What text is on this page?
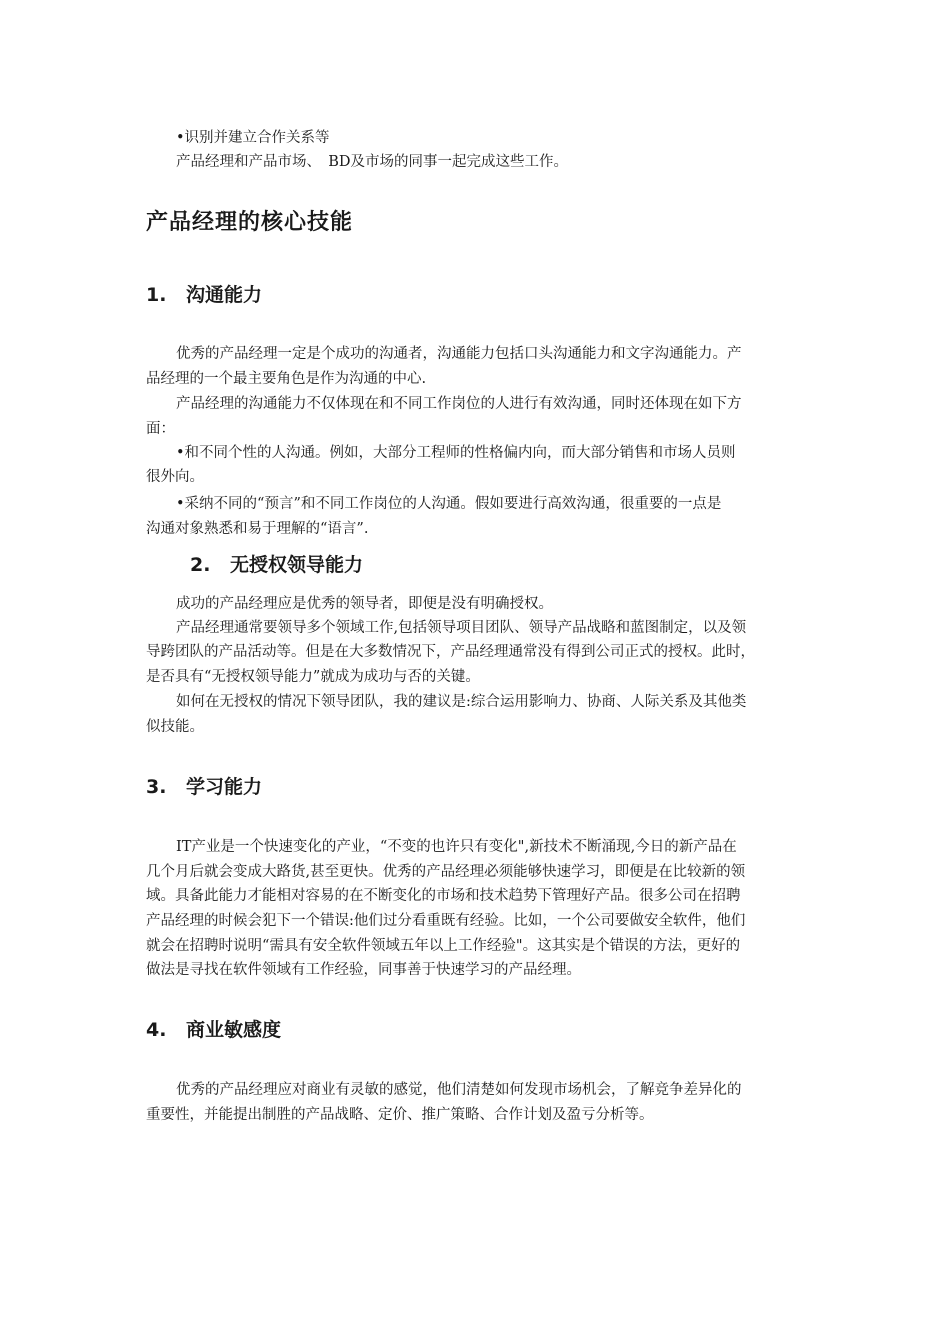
•识别并建立合作关系等
产品经理和产品市场、　BD及市场的同事一起完成这些工作。
产品经理的核心技能
1. 沟通能力
优秀的产品经理一定是个成功的沟通者，沟通能力包括口头沟通能力和文字沟通能力。产
品经理的一个最主要角色是作为沟通的中心.
产品经理的沟通能力不仅体现在和不同工作岗位的人进行有效沟通，同时还体现在如下方
面：
•和不同个性的人沟通。例如，大部分工程师的性格偏内向，而大部分销售和市场人员则
很外向。
•采纳不同的“预言”和不同工作岗位的人沟通。假如要进行高效沟通，很重要的一点是
沟通对象熟悉和易于理解的“语言”.
2. 无授权领导能力
成功的产品经理应是优秀的领导者，即便是没有明确授权。
产品经理通常要领导多个领域工作,包括领导项目团队、领导产品战略和蓝图制定，以及领
导跨团队的产品活动等。但是在大多数情况下，产品经理通常没有得到公司正式的授权。此时，
是否具有“无授权领导能力”就成为成功与否的关键。
如何在无授权的情况下领导团队，我的建议是:综合运用影响力、协商、人际关系及其他类
似技能。
3. 学习能力
IT产业是一个快速变化的产业，“不变的也许只有变化",新技术不断涌现,今日的新产品在
几个月后就会变成大路货,甚至更快。优秀的产品经理必须能够快速学习，即便是在比较新的领
域。具备此能力才能相对容易的在不断变化的市场和技术趋势下管理好产品。很多公司在招聘
产品经理的时候会犯下一个错误:他们过分看重既有经验。比如，一个公司要做安全软件，他们
就会在招聘时说明“需具有安全软件领域五年以上工作经验"。这其实是个错误的方法，更好的
做法是寻找在软件领域有工作经验，同事善于快速学习的产品经理。
4. 商业敏感度
优秀的产品经理应对商业有灵敏的感觉，他们清楚如何发现市场机会，了解竞争差异化的
重要性，并能提出制胜的产品战略、定价、推广策略、合作计划及盈亏分析等。
